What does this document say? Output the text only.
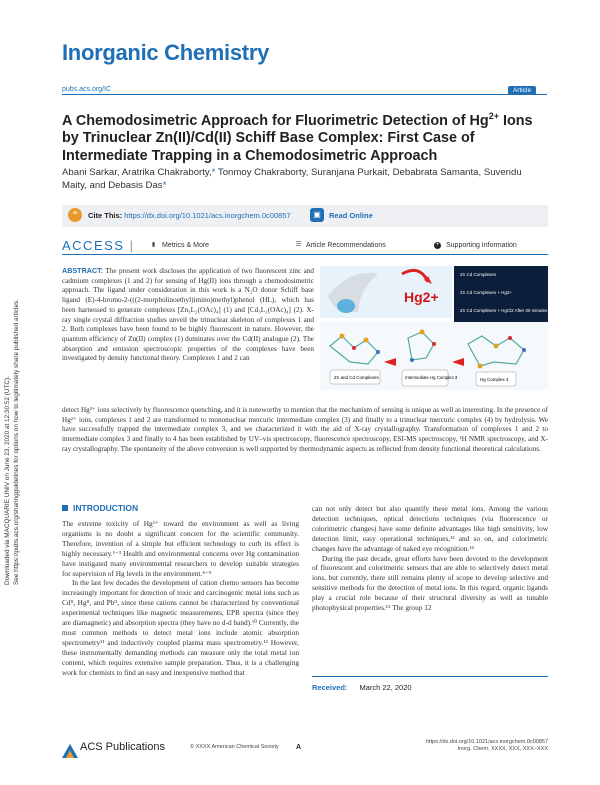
Downloaded via MACQUARIE UNIV on June 23, 2020 at 12:30:52 (UTC). See https://pubs.acs.org/sharingguidelines for options on how to legitimately share published articles.
Inorganic Chemistry
pubs.acs.org/IC	Article
A Chemodosimetric Approach for Fluorimetric Detection of $Hg^{2+}$ Ions by Trinuclear Zn(II)/Cd(II) Schiff Base Complex: First Case of Intermediate Trapping in a Chemodosimetric Approach
Abani Sarkar, Aratrika Chakraborty,* Tonmoy Chakraborty, Suranjana Purkait, Debabrata Samanta, Suvendu Maity, and Debasis Das*
❝	Cite This: https://dx.doi.org/10.1021/acs.inorgchem.0c00857	▣	Read Online
ACCESS |	▮ Metrics & More	☰ Article Recommendations	+ Supporting Information
ABSTRACT: The present work discloses the application of two fluorescent zinc and cadmium complexes (1 and 2) for sensing of Hg(II) ions through a chemodosimetric approach. The ligand under consideration in this work is a N₂O donor Schiff base ligand (E)-4-bromo-2-(((2-morpholinoethyl)imino)methyl)phenol (HL), which has been harnessed to generate complexes [Zn₃L₂(OAc)₄] (1) and [Cd₃L₂(OAc)₄] (2). X-ray single crystal diffraction studies unveil the trinuclear skeleton of complexes 1 and 2. Both complexes have been found to be highly fluorescent in nature. However, the quantum efficiency of Zn(II) complex (1) dominates over the Cd(II) analogue (2). The absorption and emission spectroscopic properties of the complexes have been investigated by density functional theory. Complexes 1 and 2 can
Hg2+
Zn Cd Complexes
Zn Cd Complexes + Hg2+
Zn Cd Complexes + HgCl2 After 30 minutes
Zn and Cd Complexes	Intermediate Hg Complex 3	Hg Complex 4
detect Hg²⁺ ions selectively by fluorescence quenching, and it is noteworthy to mention that the mechanism of sensing is unique as well as interesting. In the presence of Hg²⁺ ions, complexes 1 and 2 are transformed to mononuclear mercuric intermediate complex (3) and finally to a trinuclear mercuric complex (4) by hydrolysis. We have successfully trapped the intermediate complex 3, and we characterized it with the aid of X-ray crystallography. Transformation of complexes 1 and 2 to intermediate complex 3 and finally to 4 has been established by UV–vis spectroscopy, fluorescence spectroscopy, ESI-MS spectroscopy, ¹H NMR spectroscopy, and X-ray crystallography. The spontaneity of the above conversion is well supported by thermodynamic aspects as reflected from density functional theoretical calculations.
INTRODUCTION

The extreme toxicity of Hg²⁺ toward the environment as well as living organisms is no doubt a significant concern for the scientific community. Therefore, invention of a simple but efficient technology to curb its effect is highly necessary.¹⁻³ Health and environmental concerns over Hg contamination have instigated many environmental researchers to develop suitable strategies for supervision of Hg levels in the environment.⁴⁻⁹

In the last few decades the development of cation chemo sensors has become increasingly important for detection of toxic and carcinogenic metal ions such as Cdᴵᴵ, Hgᴵᴵ, and Pbᴵᴵ, since these cations cannot be characterized by conventional experimental techniques like magnetic measurements, EPR spectra (since they are diamagnetic) and absorption spectra (they have no d-d band).¹⁰ Currently, the most common methods to detect metal ions include atomic absorption spectrometry¹¹ and inductively coupled plasma mass spectrometry.¹² However, these instrumentally demanding methods can measure only the total metal ion content, which requires extensive sample preparation. Thus, it is a challenging work for chemists to find an easy and inexpensive method that

can not only detect but also quantify these metal ions. Among the various detection techniques, optical detections techniques (via fluorescence or colorimetric changes) have some definite advantages like high sensitivity, low detection limit, easy operational techniques,¹³ and so on, and colorimetric changes have the advantage of naked eye recognition.¹⁴

During the past decade, great efforts have been devoted to the development of fluorescent and colorimetric sensors that are able to selectively detect metal ions, but currently, there still remains plenty of scope to develop selective and sensitive methods for the detection of metal ions. In this regard, organic ligands play a crucial role because of their structural diversity as well as tunable photophysical properties.¹⁵ The group 12

Received: March 22, 2020
ACS Publications	© XXXX American Chemical Society A
https://dx.doi.org/10.1021/acs.inorgchem.0c00857
Inorg. Chem. XXXX, XXX, XXX−XXX
